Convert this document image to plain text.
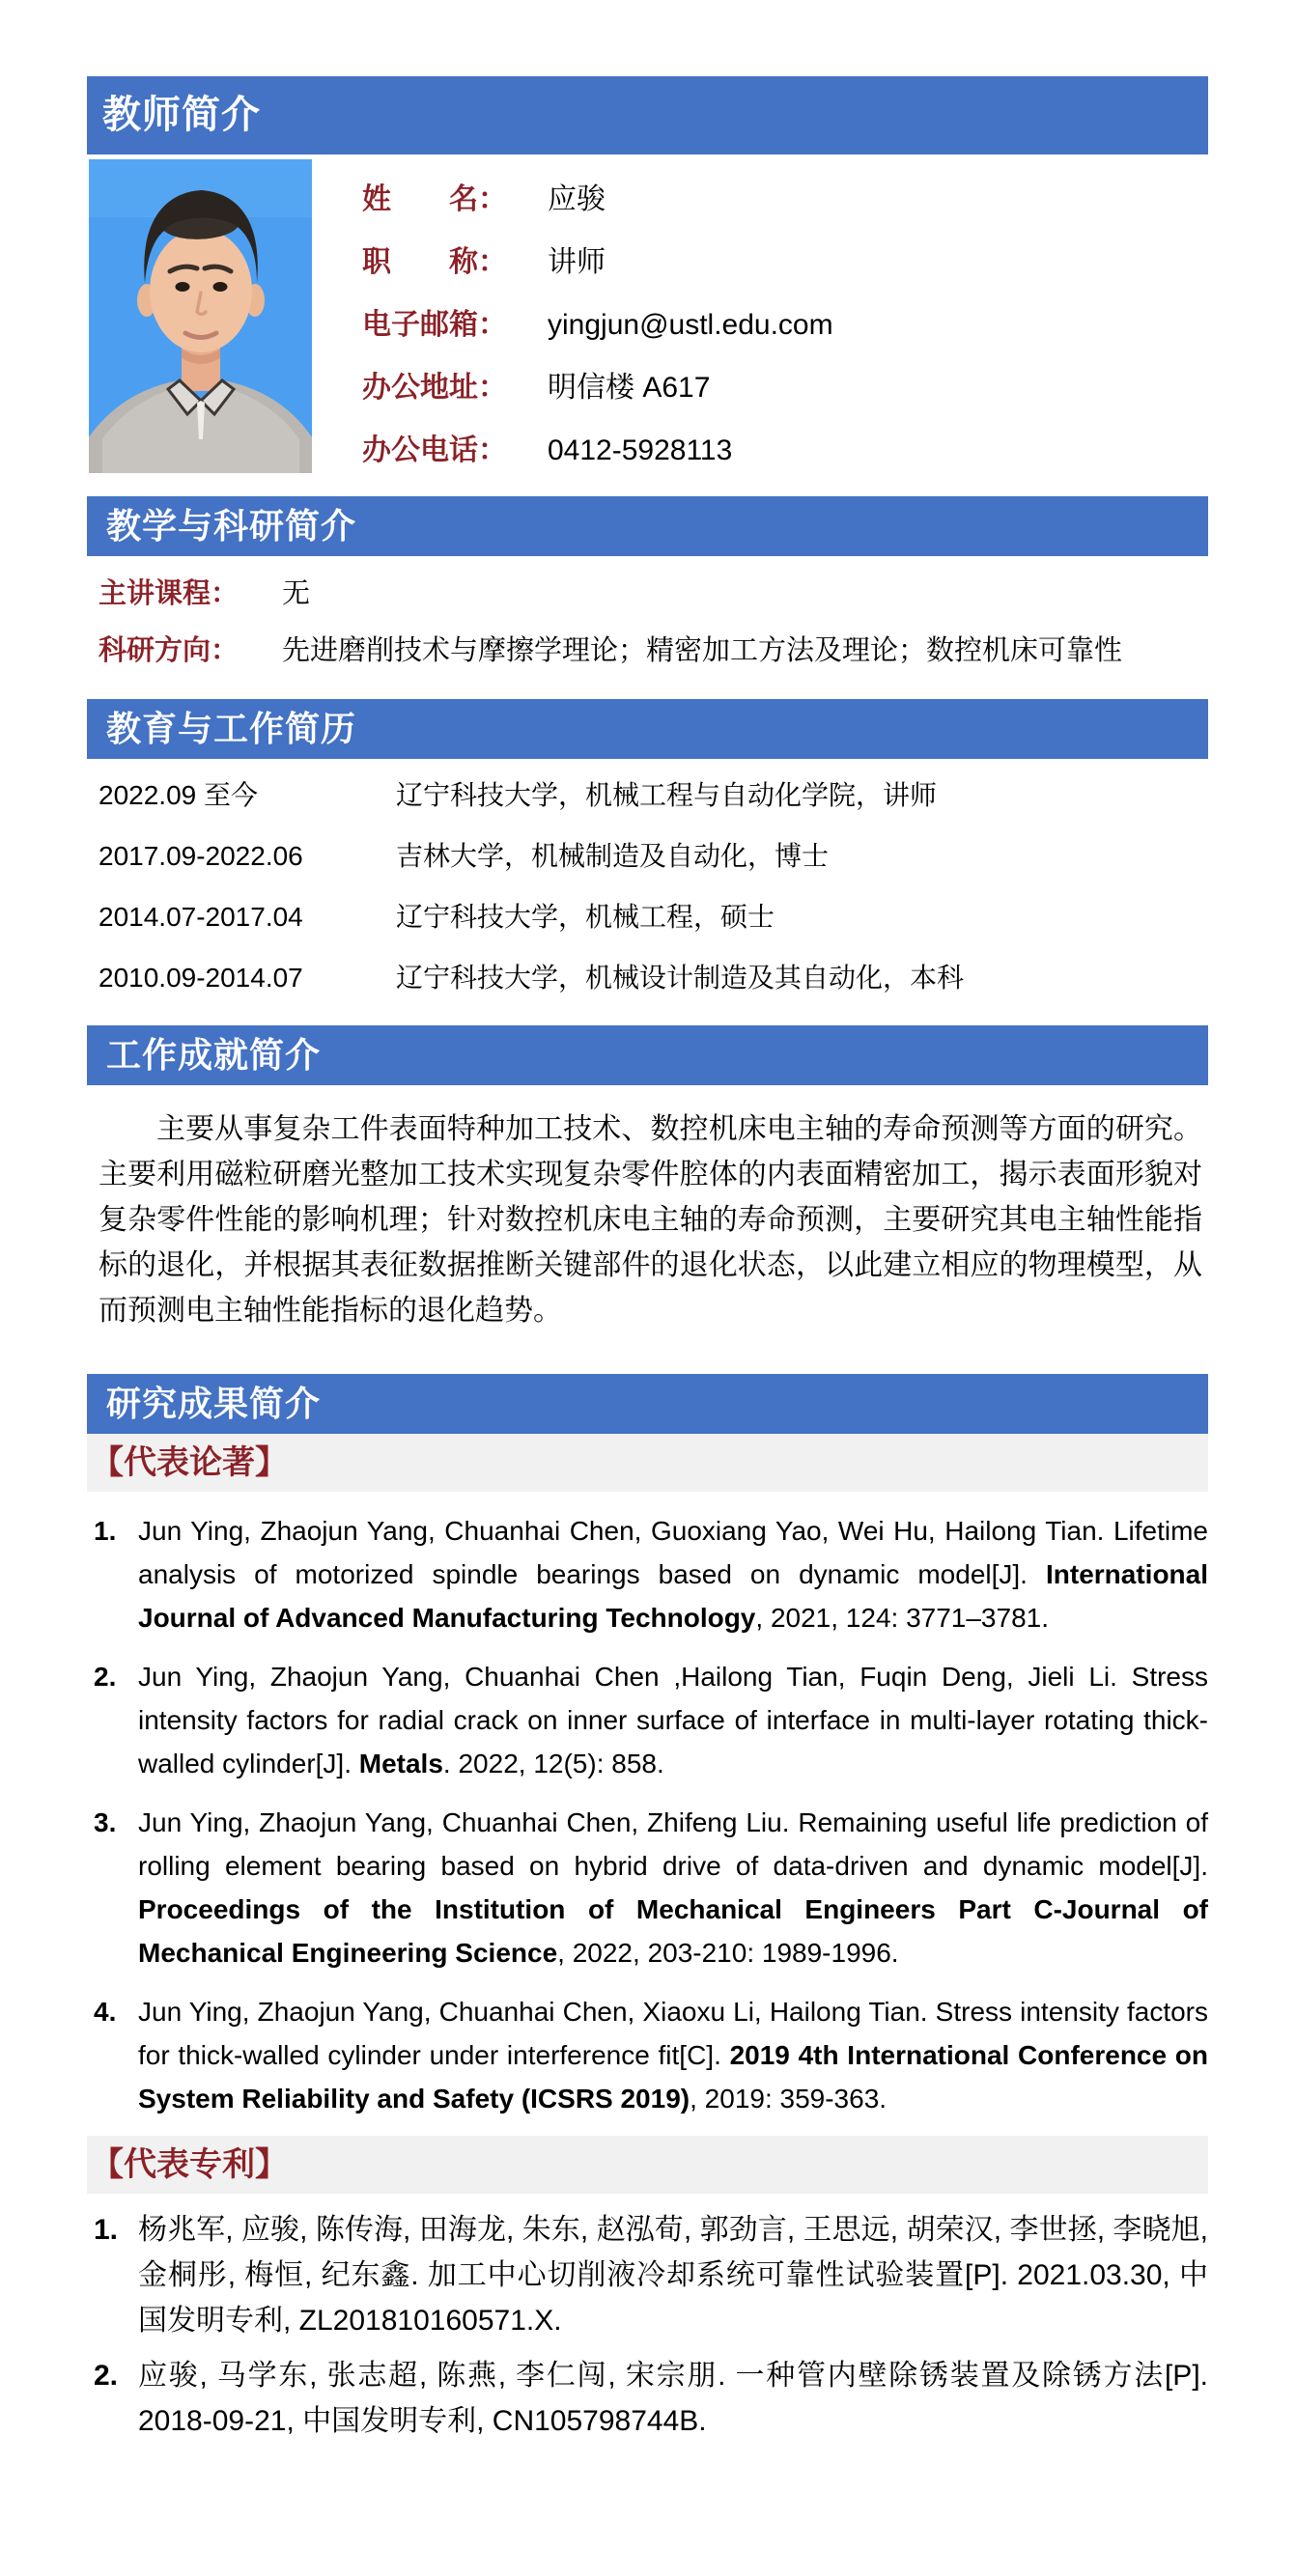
教师简介
姓　　名：	应骏
职　　称：	讲师
电子邮箱：	yingjun@ustl.edu.com
办公地址：	明信楼 A617
办公电话：	0412-5928113
教学与科研简介
主讲课程：	无
科研方向：	先进磨削技术与摩擦学理论；精密加工方法及理论；数控机床可靠性
教育与工作简历
2022.09 至今	辽宁科技大学，机械工程与自动化学院，讲师
2017.09-2022.06	吉林大学，机械制造及自动化，博士
2014.07-2017.04	辽宁科技大学，机械工程，硕士
2010.09-2014.07	辽宁科技大学，机械设计制造及其自动化，本科
工作成就简介

主要从事复杂工件表面特种加工技术、数控机床电主轴的寿命预测等方面的研究。主要利用磁粒研磨光整加工技术实现复杂零件腔体的内表面精密加工，揭示表面形貌对复杂零件性能的影响机理；针对数控机床电主轴的寿命预测，主要研究其电主轴性能指标的退化，并根据其表征数据推断关键部件的退化状态，以此建立相应的物理模型，从而预测电主轴性能指标的退化趋势。

研究成果简介
【代表论著】
1. Jun Ying, Zhaojun Yang, Chuanhai Chen, Guoxiang Yao, Wei Hu, Hailong Tian. Lifetime analysis of motorized spindle bearings based on dynamic model[J]. International Journal of Advanced Manufacturing Technology, 2021, 124: 3771–3781.
2. Jun Ying, Zhaojun Yang, Chuanhai Chen ,Hailong Tian, Fuqin Deng, Jieli Li. Stress intensity factors for radial crack on inner surface of interface in multi-layer rotating thick-walled cylinder[J]. Metals. 2022, 12(5): 858.
3. Jun Ying, Zhaojun Yang, Chuanhai Chen, Zhifeng Liu. Remaining useful life prediction of rolling element bearing based on hybrid drive of data-driven and dynamic model[J]. Proceedings of the Institution of Mechanical Engineers Part C-Journal of Mechanical Engineering Science, 2022, 203-210: 1989-1996.
4. Jun Ying, Zhaojun Yang, Chuanhai Chen, Xiaoxu Li, Hailong Tian. Stress intensity factors for thick-walled cylinder under interference fit[C]. 2019 4th International Conference on System Reliability and Safety (ICSRS 2019), 2019: 359-363.
【代表专利】
1. 杨兆军, 应骏, 陈传海, 田海龙, 朱东, 赵泓荀, 郭劲言, 王思远, 胡荣汉, 李世拯, 李晓旭, 金桐彤, 梅恒, 纪东鑫. 加工中心切削液冷却系统可靠性试验装置[P]. 2021.03.30, 中国发明专利, ZL201810160571.X.
2. 应骏, 马学东, 张志超, 陈燕, 李仁闯, 宋宗朋. 一种管内壁除锈装置及除锈方法[P]. 2018-09-21, 中国发明专利, CN105798744B.
